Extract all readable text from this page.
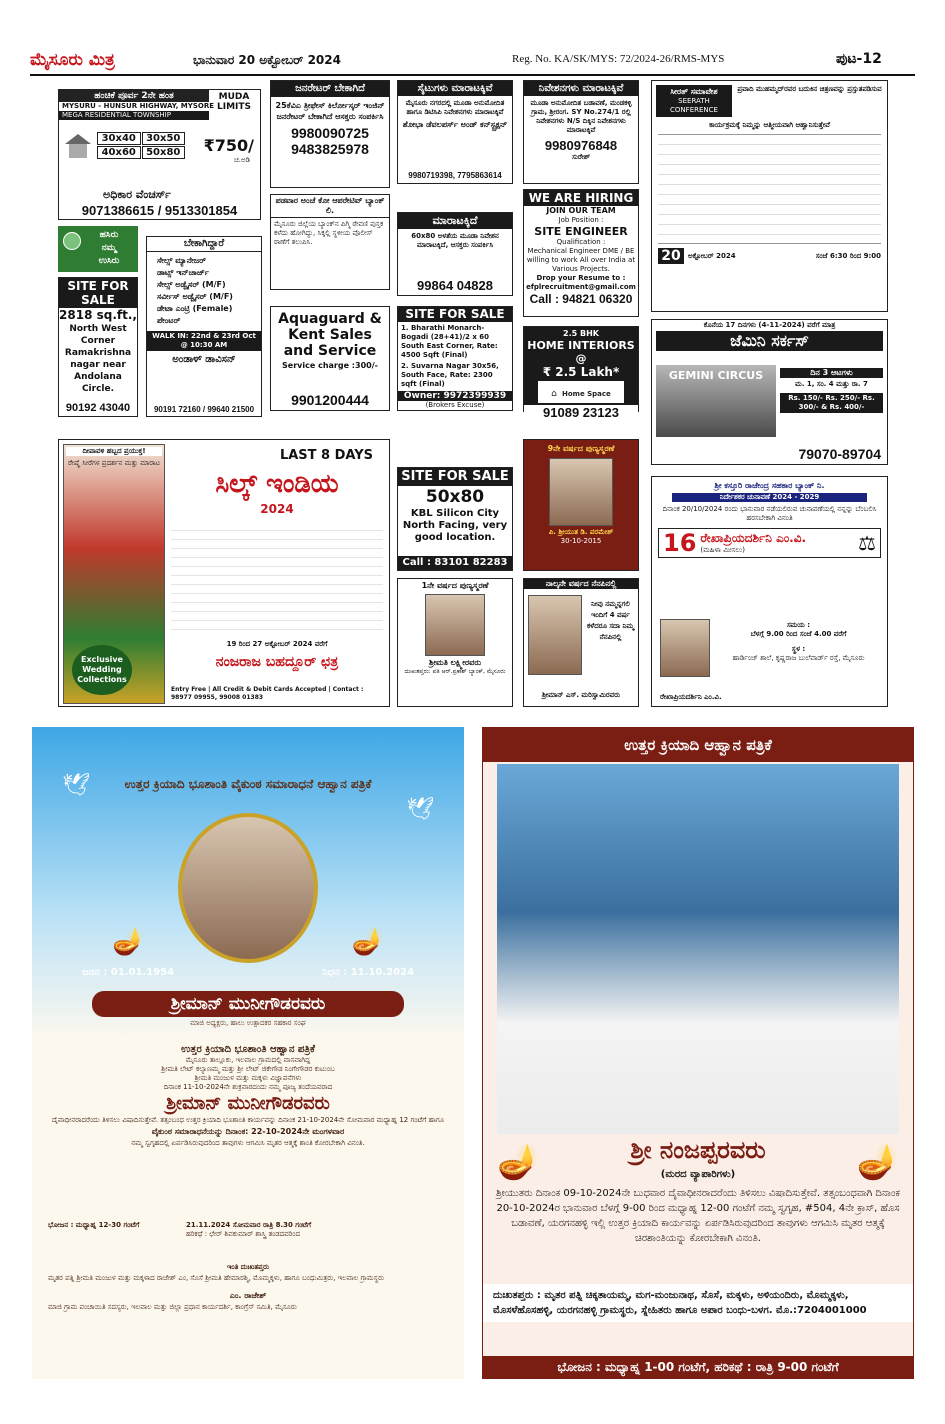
ಮೈಸೂರು ಮಿತ್ರ	ಭಾನುವಾರ 20 ಅಕ್ಟೋಬರ್ 2024	Reg. No. KA/SK/MYS: 72/2024-26/RMS-MYS	ಪುಟ-12
ಹಂಚಿಕೆ ಪೂರ್ವ 2ನೇ ಹಂತ	MUDA LIMITS
MYSURU - HUNSUR HIGHWAY, MYSORE
MEGA RESIDENTIAL TOWNSHIP
30x40	30x50
40x60	50x80 ₹750/
ಚ.ಅಡಿ
ಅಧಿಕಾರ ವೆಂಚರ್ಸ್
9071386615 / 9513301854
ಹಸಿರು
ನಮ್ಮ
ಉಸಿರು
SITE FOR SALE
2818 sq.ft.,
North West Corner Ramakrishna nagar near Andolana Circle.
90192 43040
ಬೇಕಾಗಿದ್ದಾರೆ
ಸೇಲ್ಸ್ ಮ್ಯಾನೇಜರ್
ಡಾಟ್ಸ್ ಇನ್‌ಚಾರ್ಜ್
ಸೇಲ್ಸ್ ಅಡ್ವೈಸರ್ (M/F)
ಸರ್ವೀಸ್ ಅಡ್ವೈಸರ್ (M/F)
ಡೇಟಾ ಎಂಟ್ರಿ (Female)
ಪೇಂಟರ್
WALK IN: 22nd & 23rd Oct @ 10:30 AM
ಅಂಡಾಳ್ ಡಾವಿಸನ್
90191 72160 / 99640 21500
ಜನರೇಟರ್ ಬೇಕಾಗಿದೆ
25ಕೆವಿಎ ತ್ರೀಫೇಸ್ ಕಿರ್ಲೋಸ್ಕರ್ ಇಂಜಿನ್ ಜನರೇಟರ್ ಬೇಕಾಗಿದೆ ಆಸಕ್ತರು ಸಂಪರ್ಕಿಸಿ
9980090725
9483825978
ಪಡವಾರ ಅಂಚೆ ಕೋ ಆಪರೇಟಿವ್ ಬ್ಯಾಂಕ್ ಲಿ.
ಮೈಸೂರು ಜಿಲ್ಲೆಯ ಬ್ಯಾಂಕ್‌ನ ಪಿಗ್ಮಿ ಠೇವಣಿ ಪುಸ್ತಕ ಕಳೆದು ಹೋಗಿದ್ದು, ಸಿಕ್ಕಲ್ಲಿ ಸ್ಥಳೀಯ ಪೊಲೀಸ್ ಠಾಣೆಗೆ ತಲುಪಿಸಿ.
Aquaguard & Kent Sales and Service
Service charge :300/-
9901200444
ಸೈಟುಗಳು ಮಾರಾಟಕ್ಕಿವೆ
ಮೈಸೂರು ನಗರದಲ್ಲಿ ಮೂಡಾ ಅನುಮೋದಿತ ಹಾಗೂ ಡಿಟಿಸಿಪಿ ನಿವೇಶನಗಳು ಮಾರಾಟಕ್ಕಿವೆ
ಶೋಭಾ ಡೆವಲಪರ್ಸ್ ಅಂಡ್ ಕನ್‌ಸ್ಟ್ರಕ್ಷನ್
9980719398, 7795863614
ಮಾರಾಟಕ್ಕಿದೆ
60x80 ಅಳತೆಯ ಮೂಡಾ ನಿವೇಶನ ಮಾರಾಟಕ್ಕಿದೆ, ಆಸಕ್ತರು ಸಂಪರ್ಕಿಸಿ
99864 04828
SITE FOR SALE
1. Bharathi Monarch-Bogadi (28+41)/2 x 60 South East Corner, Rate: 4500 Sqft (Final)
2. Suvarna Nagar 30x56, South Face, Rate: 2300 sqft (Final)
Owner: 9972399939
(Brokers Excuse)
ನಿವೇಶನಗಳು ಮಾರಾಟಕ್ಕಿವೆ
ಮೂಡಾ ಅನುಮೋದಿತ ಬಡಾವಣೆ, ಮಂಡಕಳ್ಳಿ ಗ್ರಾಮ, ಶ್ರೀರಂಗ. SY No.274/1 ರಲ್ಲಿ ನಿವೇಶನಗಳು N/S ದಿಕ್ಕಿನ ನಿವೇಶನಗಳು ಮಾರಾಟಕ್ಕಿವೆ
9980976848
ಸುರೇಶ್
WE ARE HIRING
JOIN OUR TEAM
Job Position :
SITE ENGINEER
Qualification :
Mechanical Engineer DME / BE
willing to work All over India at Various Projects.
Drop your Resume to :
efplrecruitment@gmail.com
Call : 94821 06320
2.5 BHK
HOME INTERIORS @
₹ 2.5 Lakh*
⌂ Home Space
91089 23123
ಸೀರತ್ ಸಮಾವೇಶ
SEERATH CONFERENCE
ಪ್ರವಾದಿ ಮುಹಮ್ಮದ್‌ರವರ ಬದುಕಿನ ಚಿತ್ರಣವನ್ನು ಪ್ರಸ್ತುತಪಡಿಸುವ
ಕಾರ್ಯಕ್ರಮಕ್ಕೆ ನಿಮ್ಮನ್ನು ಆತ್ಮೀಯವಾಗಿ ಆಹ್ವಾನಿಸುತ್ತೇವೆ
20	ಅಕ್ಟೋಬರ್ 2024	ಸಂಜೆ 6:30 ರಿಂದ 9:00
ಕೊನೆಯ 17 ದಿನಗಳು (4-11-2024) ವರೆಗೆ ಮಾತ್ರ
ಜೆಮಿನಿ ಸರ್ಕಸ್
GEMINI CIRCUS	ದಿನ 3 ಆಟಗಳು
ಮ. 1, ಸಂ. 4 ಮತ್ತು ರಾ. 7
Rs. 150/- Rs. 250/- Rs. 300/- & Rs. 400/-
79070-89704
ದೀಪಾವಳಿ ಹಬ್ಬದ ಪ್ರಯುಕ್ತ!
ರೇಷ್ಮೆ ಸೀರೆಗಳ ಪ್ರದರ್ಶನ ಮತ್ತು ಮಾರಾಟ
Exclusive Wedding Collections
LAST 8 DAYS
ಸಿಲ್ಕ್ ಇಂಡಿಯ
2024
19 ರಿಂದ 27 ಅಕ್ಟೋಬರ್ 2024 ವರೆಗೆ
ನಂಜರಾಜ ಬಹದ್ದೂರ್ ಛತ್ರ
Entry Free | All Credit & Debit Cards Accepted | Contact : 98977 09955, 99008 01383
SITE FOR SALE
50x80
KBL Silicon City North Facing, very good location.
Call : 83101 82283
9ನೇ ವರ್ಷದ ಪುಣ್ಯಸ್ಮರಣೆ
ಪಿ. ಶ್ರೀಯುತ ಡಿ. ಪರಮೇಶ್
30-10-2015
1ನೇ ವರ್ಷದ ಪುಣ್ಯಸ್ಮರಣೆ
ಶ್ರೀಮತಿ ಲಕ್ಷ್ಮೀರವರು
ದುಃಖತಪ್ತರು: ಪತಿ ಆರ್.ಪ್ರಕಾಶ್ ಬ್ಯಾಂಕ್, ಮೈಸೂರು
ನಾಲ್ಕನೇ ವರ್ಷದ ನೆನಪಿನಲ್ಲಿ
ನೀವು ನಮ್ಮನ್ನಗಲಿ ಇಂದಿಗೆ 4 ವರ್ಷ ಕಳೆದರೂ ಸದಾ ನಿಮ್ಮ ನೆನಪಿನಲ್ಲಿ
ಶ್ರೀಮಾನ್ ಎಸ್. ಮರಿಸ್ವಾಮಿರವರು
ಶ್ರೀ ಕಸ್ತೂರಿ ರಾಜೇಂದ್ರ ಸಹಕಾರ ಬ್ಯಾಂಕ್ ನಿ.
ನಿರ್ದೇಶಕರ ಚುನಾವಣೆ 2024 - 2029
ದಿನಾಂಕ 20/10/2024 ರಂದು ಭಾನುವಾರ ನಡೆಯಲಿರುವ ಚುನಾವಣೆಯಲ್ಲಿ ನನ್ನನ್ನು ಬೆಂಬಲಿಸಿ ಹರಸಬೇಕಾಗಿ ವಿನಂತಿ
16 ರೇಖಾಪ್ರಿಯದರ್ಶಿನಿ ಎಂ.ವಿ.
(ಮಹಿಳಾ ಮೀಸಲು)	⚖
ಸಮಯ :
ಬೆಳಗ್ಗೆ 9.00 ರಿಂದ ಸಂಜೆ 4.00 ವರೆಗೆ
ಸ್ಥಳ :
ಹಾರ್ಡಿಂಜ್ ಶಾಲೆ, ಕೃಷ್ಣರಾಜ ಬುಲೆವಾರ್ಡ್ ರಸ್ತೆ, ಮೈಸೂರು
ರೇಖಾಪ್ರಿಯದರ್ಶಿನಿ ಎಂ.ವಿ.
ಉತ್ತರ ಕ್ರಿಯಾದಿ ಭೂಶಾಂತಿ ವೈಕುಂಠ ಸಮಾರಾಧನೆ ಆಹ್ವಾನ ಪತ್ರಿಕೆ
🕊
🕊
🪔	🪔
ಜನನ : 01.01.1954	ನಿಧನ : 11.10.2024
ಶ್ರೀಮಾನ್ ಮುನೀಗೌಡರವರು
ಮಾಜಿ ಅಧ್ಯಕ್ಷರು, ಹಾಲು ಉತ್ಪಾದಕರ ಸಹಕಾರ ಸಂಘ
ಉತ್ತರ ಕ್ರಿಯಾದಿ ಭೂಶಾಂತಿ ಆಹ್ವಾನ ಪತ್ರಿಕೆ
ಮೈಸೂರು ತಾಲ್ಲೂಕು, ಇಲವಾಲ ಗ್ರಾಮದಲ್ಲಿ ವಾಸವಾಗಿದ್ದ
ಶ್ರೀಮತಿ ಲೇಟ್ ಕಲ್ಯಾಣಮ್ಮ ಮತ್ತು ಶ್ರೀ ಲೇಟ್ ಜಿಕೇಗೌಡ ನಿಂಗೇಗೌಡರ ಕುಟುಂಬ
ಶ್ರೀಮತಿ ಮಂಜುಳ ಮತ್ತು ಮಕ್ಕಳು ವಿಜ್ಞಾಪನೆಗಳು
ದಿನಾಂಕ 11-10-2024ನೇ ಶುಕ್ರವಾರದಂದು ನಮ್ಮ ಪೂಜ್ಯ ತಂದೆಯವರಾದ
ಶ್ರೀಮಾನ್ ಮುನೀಗೌಡರವರು
ದೈವಾಧೀನರಾದರೆಂದು ತಿಳಿಸಲು ವಿಷಾದಿಸುತ್ತೇವೆ. ತತ್ಸಂಬಂಧ ಉತ್ತರ ಕ್ರಿಯಾದಿ ಭೂಶಾಂತಿ ಕಾರ್ಯವನ್ನು ದಿನಾಂಕ 21-10-2024ನೇ ಸೋಮವಾರ ಮಧ್ಯಾಹ್ನ 12 ಗಂಟೆಗೆ ಹಾಗೂ
ವೈಕುಂಠ ಸಮಾರಾಧನೆಯನ್ನು ದಿನಾಂಕ: 22-10-2024ನೇ ಮಂಗಳವಾರ
ನಮ್ಮ ಸ್ವಗೃಹದಲ್ಲಿ ಏರ್ಪಡಿಸಿರುವುದರಿಂದ ತಾವುಗಳು ಆಗಮಿಸಿ ಮೃತರ ಆತ್ಮಕ್ಕೆ ಶಾಂತಿ ಕೋರಬೇಕಾಗಿ ವಿನಂತಿ.
ಭೋಜನ : ಮಧ್ಯಾಹ್ನ 12-30 ಗಂಟೆಗೆ	21.11.2024 ಸೋಮವಾರ ರಾತ್ರಿ 8.30 ಗಂಟೆಗೆ
ಹರಿಕಥೆ : ಛೇರ್ ಶಿವಕುಮಾರ್ ಶಾಸ್ತ್ರಿ ತಂಡದವರಿಂದ
ಇಂತಿ ದುಃಖತಪ್ತರು
ಮೃತರ ಪತ್ನಿ ಶ್ರೀಮತಿ ಮಂಜುಳ ಮತ್ತು ಮಕ್ಕಳಾದ ರಾಜೇಶ್ ಎಂ, ಸೊಸೆ ಶ್ರೀಮತಿ ಹೇಮಾರಶ್ಮಿ, ಮೊಮ್ಮಕ್ಕಳು, ಹಾಗೂ ಬಂಧುಮಿತ್ರರು, ಇಲವಾಲ ಗ್ರಾಮಸ್ಥರು
ಎಂ. ರಾಜೇಶ್
ಮಾಜಿ ಗ್ರಾಮ ಪಂಚಾಯಿತಿ ಸದಸ್ಯರು, ಇಲವಾಲ ಮತ್ತು ಜಿಲ್ಲಾ ಪ್ರಧಾನ ಕಾರ್ಯದರ್ಶಿ, ಕಾಂಗ್ರೆಸ್ ಸಮಿತಿ, ಮೈಸೂರು
ಉತ್ತರ ಕ್ರಿಯಾದಿ ಆಹ್ವಾನ ಪತ್ರಿಕೆ
🪔	🪔
ಶ್ರೀ ನಂಜಪ್ಪರವರು
(ಮರದ ವ್ಯಾಪಾರಿಗಳು)
ಶ್ರೀಯುತರು ದಿನಾಂಕ 09-10-2024ನೇ ಬುಧವಾರ ದೈವಾಧೀನರಾದರೆಂದು ತಿಳಿಸಲು ವಿಷಾದಿಸುತ್ತೇವೆ. ತತ್ಸಂಬಂಧವಾಗಿ ದಿನಾಂಕ 20-10-2024ರ ಭಾನುವಾರ ಬೆಳಗ್ಗೆ 9-00 ರಿಂದ ಮಧ್ಯಾಹ್ನ 12-00 ಗಂಟೆಗೆ ನಮ್ಮ ಸ್ವಗೃಹ, #504, 4ನೇ ಕ್ರಾಸ್, ಹೊಸ ಬಡಾವಣೆ, ಯರಗನಹಳ್ಳಿ ಇಲ್ಲಿ ಉತ್ತರ ಕ್ರಿಯಾದಿ ಕಾರ್ಯವನ್ನು ಏರ್ಪಡಿಸಿರುವುದರಿಂದ ತಾವುಗಳು ಆಗಮಿಸಿ ಮೃತರ ಆತ್ಮಕ್ಕೆ ಚಿರಶಾಂತಿಯನ್ನು ಕೋರಬೇಕಾಗಿ ವಿನಂತಿ.
ದುಃಖತಪ್ತರು : ಮೃತರ ಪತ್ನಿ ಚಿಕ್ಕತಾಯಮ್ಮ, ಮಗ-ಮಂಜುನಾಥ, ಸೊಸೆ, ಮಕ್ಕಳು, ಅಳಿಯಂದಿರು, ಮೊಮ್ಮಕ್ಕಳು, ಮೊಸಳೆಹೊಸಹಳ್ಳಿ, ಯರಗನಹಳ್ಳಿ ಗ್ರಾಮಸ್ಥರು, ಸ್ನೇಹಿತರು ಹಾಗೂ ಅಪಾರ ಬಂಧು-ಬಳಗ. ಮೊ.:7204001000
ಭೋಜನ : ಮಧ್ಯಾಹ್ನ 1-00 ಗಂಟೆಗೆ, ಹರಿಕಥೆ : ರಾತ್ರಿ 9-00 ಗಂಟೆಗೆ
